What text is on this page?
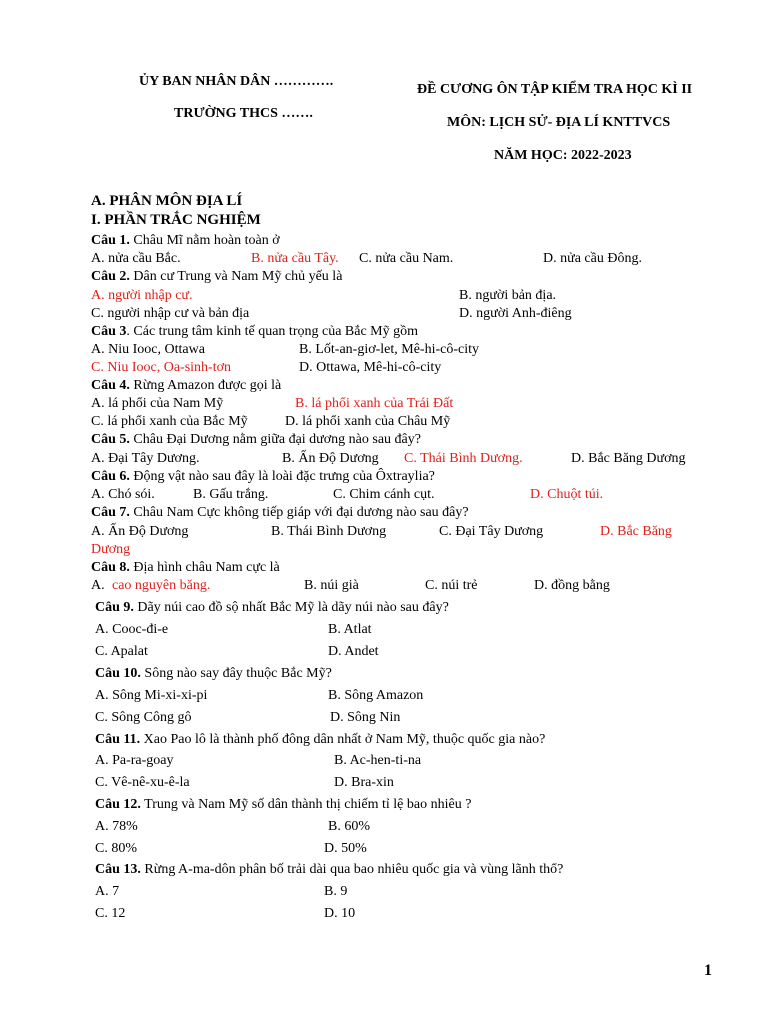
ỦY BAN NHÂN DÂN ………….
TRƯỜNG THCS …….
ĐỀ CƯƠNG ÔN TẬP KIỂM TRA HỌC KÌ II
MÔN: LỊCH SỬ- ĐỊA LÍ KNTTVCS
NĂM HỌC: 2022-2023
A. PHÂN MÔN ĐỊA LÍ
I. PHẦN TRẮC NGHIỆM
Câu 1. Châu Mĩ nằm hoàn toàn ở
A. nửa cầu Bắc.	B. nửa cầu Tây. C. nửa cầu Nam.	D. nửa cầu Đông.
Câu 2. Dân cư Trung và Nam Mỹ chủ yếu là
A. người nhập cư.	B. người bản địa.
C. người nhập cư và bản địa	D. người Anh-điêng
Câu 3. Các trung tâm kinh tế quan trọng của Bắc Mỹ gồm
A. Niu Iooc, Ottawa	B. Lốt-an-giơ-let, Mê-hi-cô-city
C. Niu Iooc, Oa-sinh-tơn	D. Ottawa, Mê-hi-cô-city
Câu 4. Rừng Amazon được gọi là
A. lá phổi của Nam Mỹ	B. lá phổi xanh của Trái Đất
C. lá phổi xanh của Bắc Mỹ	D. lá phổi xanh của Châu Mỹ
Câu 5. Châu Đại Dương nằm giữa đại dương nào sau đây?
A. Đại Tây Dương.	B. Ấn Độ Dương C. Thái Bình Dương.	D. Bắc Băng Dương
Câu 6. Động vật nào sau đây là loài đặc trưng của Ôxtraylia?
A. Chó sói.	B. Gấu trắng.	C. Chim cánh cụt.	D. Chuột túi.
Câu 7. Châu Nam Cực không tiếp giáp với đại dương nào sau đây?
A. Ấn Độ Dương	B. Thái Bình Dương	C. Đại Tây Dương	D. Bắc Băng
Dương
Câu 8. Địa hình châu Nam cực là
A. cao nguyên băng.	B. núi già	C. núi trẻ	D. đồng bằng
Câu 9. Dãy núi cao đồ sộ nhất Bắc Mỹ là dãy núi nào sau đây?
A. Cooc-đi-e	B. Atlat
C. Apalat	D. Andet
Câu 10. Sông nào say đây thuộc Bắc Mỹ?
A. Sông Mi-xi-xi-pi	B. Sông Amazon
C. Sông Công gô	D. Sông Nin
Câu 11. Xao Pao lô là thành phố đông dân nhất ở Nam Mỹ, thuộc quốc gia nào?
A. Pa-ra-goay	B. Ac-hen-ti-na
C. Vê-nê-xu-ê-la	D. Bra-xin
Câu 12. Trung và Nam Mỹ số dân thành thị chiếm tỉ lệ bao nhiêu ?
A. 78%	B. 60%
C. 80%	D. 50%
Câu 13. Rừng A-ma-dôn phân bố trải dài qua bao nhiêu quốc gia và vùng lãnh thổ?
A. 7	B. 9
C. 12	D. 10
1
